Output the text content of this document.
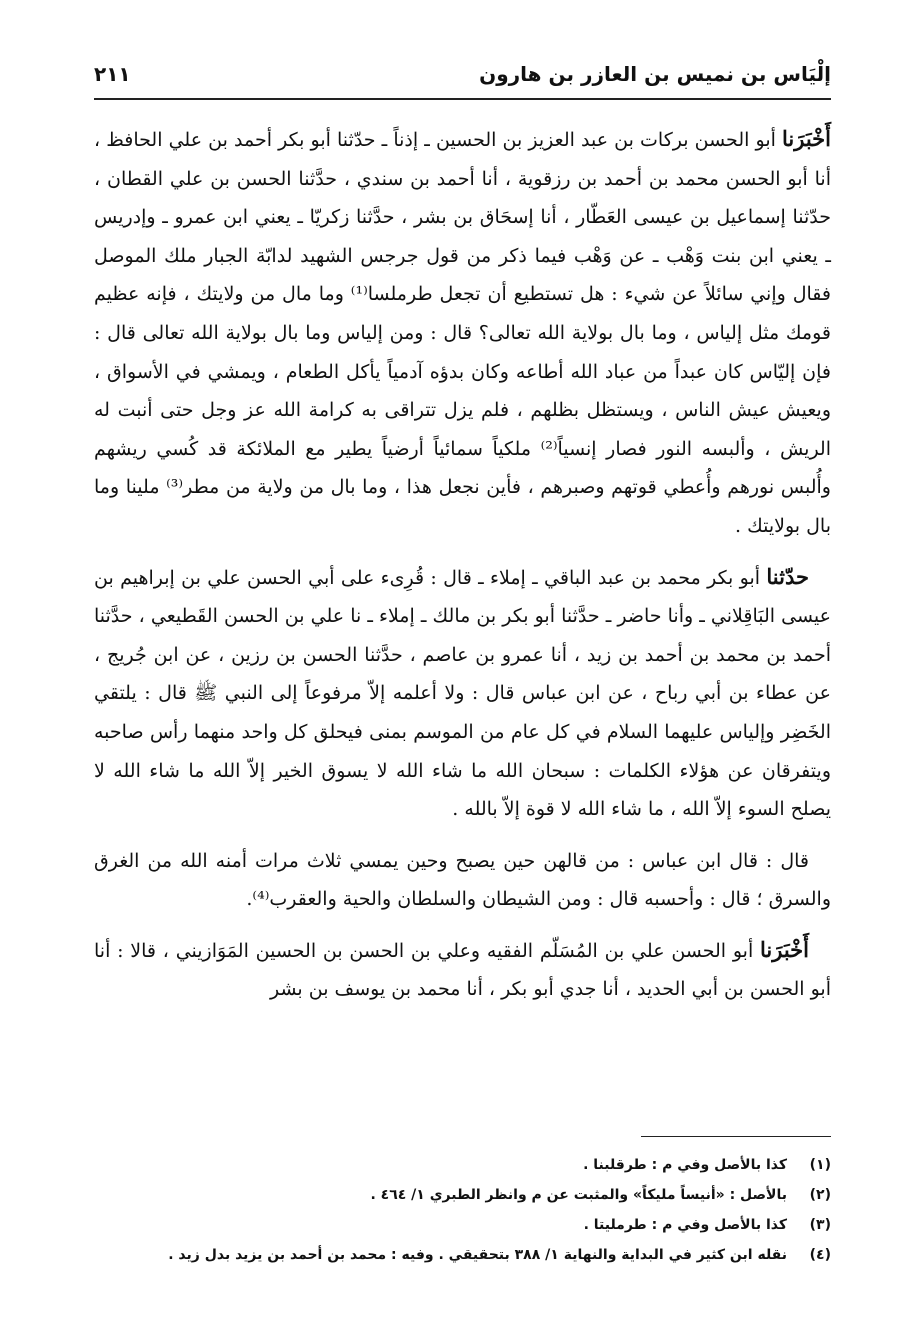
إلْيَاس بن نميس بن العازر بن هارون
٢١١

أَخْبَرَنا أبو الحسن بركات بن عبد العزيز بن الحسين ـ إذناً ـ حدّثنا أبو بكر أحمد بن علي الحافظ ، أنا أبو الحسن محمد بن أحمد بن رزقوية ، أنا أحمد بن سندي ، حدَّثنا الحسن بن علي القطان ، حدّثنا إسماعيل بن عيسى العَطّار ، أنا إسحَاق بن بشر ، حدَّثنا زكريّا ـ يعني ابن عمرو ـ وإدريس ـ يعني ابن بنت وَهْب ـ عن وَهْب فيما ذكر من قول جرجس الشهيد لدابّة الجبار ملك الموصل فقال وإني سائلاً عن شيء : هل تستطيع أن تجعل طرملسا⁽¹⁾ وما مال من ولايتك ، فإنه عظيم قومك مثل إلياس ، وما بال بولاية الله تعالى؟ قال : ومن إلياس وما بال بولاية الله تعالى قال : فإن إليّاس كان عبداً من عباد الله أطاعه وكان بدؤه آدمياً يأكل الطعام ، ويمشي في الأسواق ، ويعيش عيش الناس ، ويستظل بظلهم ، فلم يزل تتراقى به كرامة الله عز وجل حتى أنبت له الريش ، وألبسه النور فصار إنسياً⁽²⁾ ملكياً سمائياً أرضياً يطير مع الملائكة قد كُسي ريشهم وأُلبس نورهم وأُعطي قوتهم وصبرهم ، فأين نجعل هذا ، وما بال من ولاية من مطر⁽³⁾ ملينا وما بال بولايتك .

حدّثنا أبو بكر محمد بن عبد الباقي ـ إملاء ـ قال : قُرِىء على أبي الحسن علي بن إبراهيم بن عيسى البَاقِلاني ـ وأنا حاضر ـ حدَّثنا أبو بكر بن مالك ـ إملاء ـ نا علي بن الحسن القَطيعي ، حدَّثنا أحمد بن محمد بن أحمد بن زيد ، أنا عمرو بن عاصم ، حدَّثنا الحسن بن رزين ، عن ابن جُريج ، عن عطاء بن أبي رباح ، عن ابن عباس قال : ولا أعلمه إلاّ مرفوعاً إلى النبي ﷺ قال : يلتقي الخَضِر وإلياس عليهما السلام في كل عام من الموسم بمنى فيحلق كل واحد منهما رأس صاحبه ويتفرقان عن هؤلاء الكلمات : سبحان الله ما شاء الله لا يسوق الخير إلاّ الله ما شاء الله لا يصلح السوء إلاّ الله ، ما شاء الله لا قوة إلاّ بالله .

قال : قال ابن عباس : من قالهن حين يصبح وحين يمسي ثلاث مرات أمنه الله من الغرق والسرق ؛ قال : وأحسبه قال : ومن الشيطان والسلطان والحية والعقرب⁽⁴⁾.

أَخْبَرَنا أبو الحسن علي بن المُسَلّم الفقيه وعلي بن الحسن بن الحسين المَوَازيني ، قالا : أنا أبو الحسن بن أبي الحديد ، أنا جدي أبو بكر ، أنا محمد بن يوسف بن بشر

(١)
كذا بالأصل وفي م : طرقلبنا .
(٢)
بالأصل : «أنيساً مليكاً» والمثبت عن م وانظر الطبري ١/ ٤٦٤ .
(٣)
كذا بالأصل وفي م : طرمليتا .
(٤)
نقله ابن كثير في البداية والنهاية ١/ ٣٨٨ بتحقيقي . وفيه : محمد بن أحمد بن يزيد بدل زيد .
